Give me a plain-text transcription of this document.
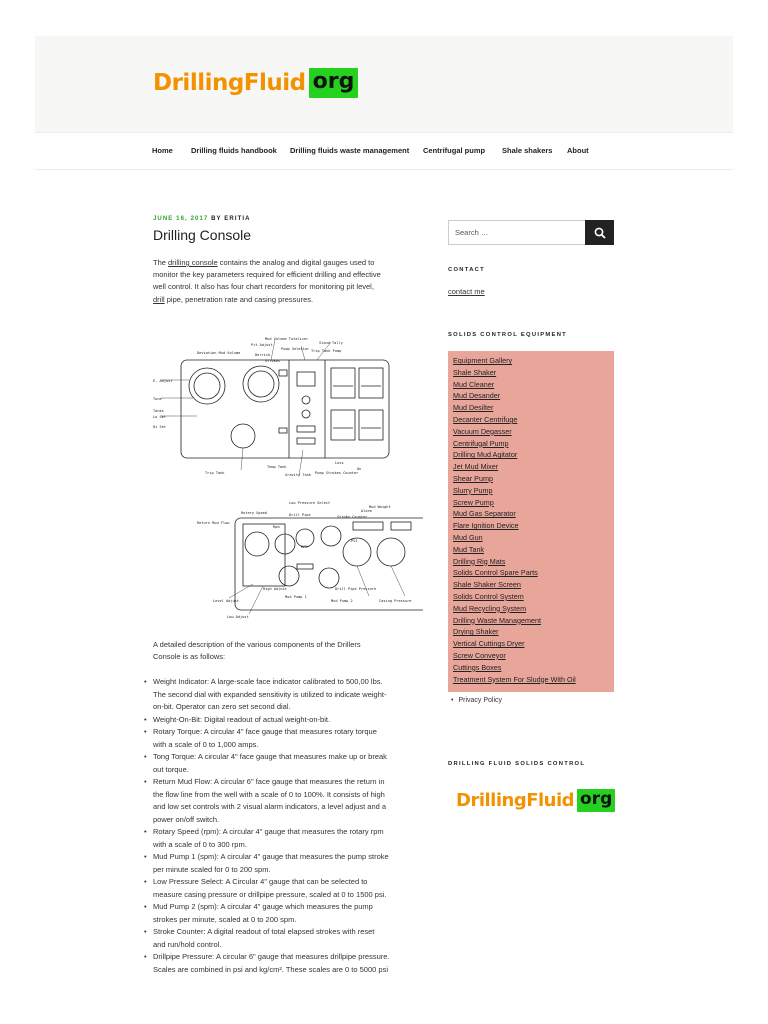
DrillingFluid org
Home Drilling fluids handbook Drilling fluids waste management Centrifugal pump Shale shakers About
JUNE 16, 2017 BY ERITIA
Drilling Console
The drilling console contains the analog and digital gauges used to
monitor the key parameters required for efficient drilling and effective
well control. It also has four chart recorders for monitoring pit level,
drill pipe, penetration rate and casing pressures.
Mud Volume Totalizer
Stand Tally
Pit Adjust
Pump Selector Trip Tank Pump
Derrick
Deviation Mud Volume
Strokes
E- Adjust
Tune
Tanks
Lo Set
Hi Set
Trip Tank
Temp Tank
Gravity Tank Pump Strokes Counter
Loss
On
Low Pressure Select
Mud Weight
Rotary Speed	Drill Pipe
Return Mud Flow
Stroke Counter
Rpm
Alarm
Mud Pump 1
Drill Pipe Pressure
Mud Pump 2	Casing Pressure
High Adjust
Level Adjust
Low Adjust
RPM
PSI
A detailed description of the various components of the Drillers
Console is as follows:
• Weight Indicator: A large-scale face indicator calibrated to 500,00 lbs.
The second dial with expanded sensitivity is utilized to indicate weight-
on-bit. Operator can zero set second dial.
• Weight-On-Bit: Digital readout of actual weight-on-bit.
• Rotary Torque: A circular 4" face gauge that measures rotary torque
with a scale of 0 to 1,000 amps.
• Tong Torque: A circular 4" face gauge that measures make up or break
out torque.
• Return Mud Flow: A circular 6" face gauge that measures the return in
the flow line from the well with a scale of 0 to 100%. It consists of high
and low set controls with 2 visual alarm indicators, a level adjust and a
power on/off switch.
• Rotary Speed (rpm): A circular 4" gauge that measures the rotary rpm
with a scale of 0 to 300 rpm.
• Mud Pump 1 (spm): A circular 4" gauge that measures the pump stroke
per minute scaled for 0 to 200 spm.
• Low Pressure Select: A Circular 4" gauge that can be selected to
measure casing pressure or drillpipe pressure, scaled at 0 to 1500 psi.
• Mud Pump 2 (spm): A circular 4" gauge which measures the pump
strokes per minute, scaled at 0 to 200 spm.
• Stroke Counter: A digital readout of total elapsed strokes with reset
and run/hold control.
• Drillpipe Pressure: A circular 6" gauge that measures drillpipe pressure.
Scales are combined in psi and kg/cm². These scales are 0 to 5000 psi
Search …
CONTACT
contact me
SOLIDS CONTROL EQUIPMENT
Equipment Gallery
Shale Shaker
Mud Cleaner
Mud Desander
Mud Desilter
Decanter Centrifuge
Vacuum Degasser
Centrifugal Pump
Drilling Mud Agitator
Jet Mud Mixer
Shear Pump
Slurry Pump
Screw Pump
Mud Gas Separator
Flare Ignition Device
Mud Gun
Mud Tank
Drilling Rig Mats
Solids Control Spare Parts
Shale Shaker Screen
Solids Control System
Mud Recycling System
Drilling Waste Management
Drying Shaker
Vertical Cuttings Dryer
Screw Conveyor
Cuttings Boxes
Treatment System For Sludge With Oil
• Privacy Policy
DRILLING FLUID SOLIDS CONTROL
DrillingFluid org
